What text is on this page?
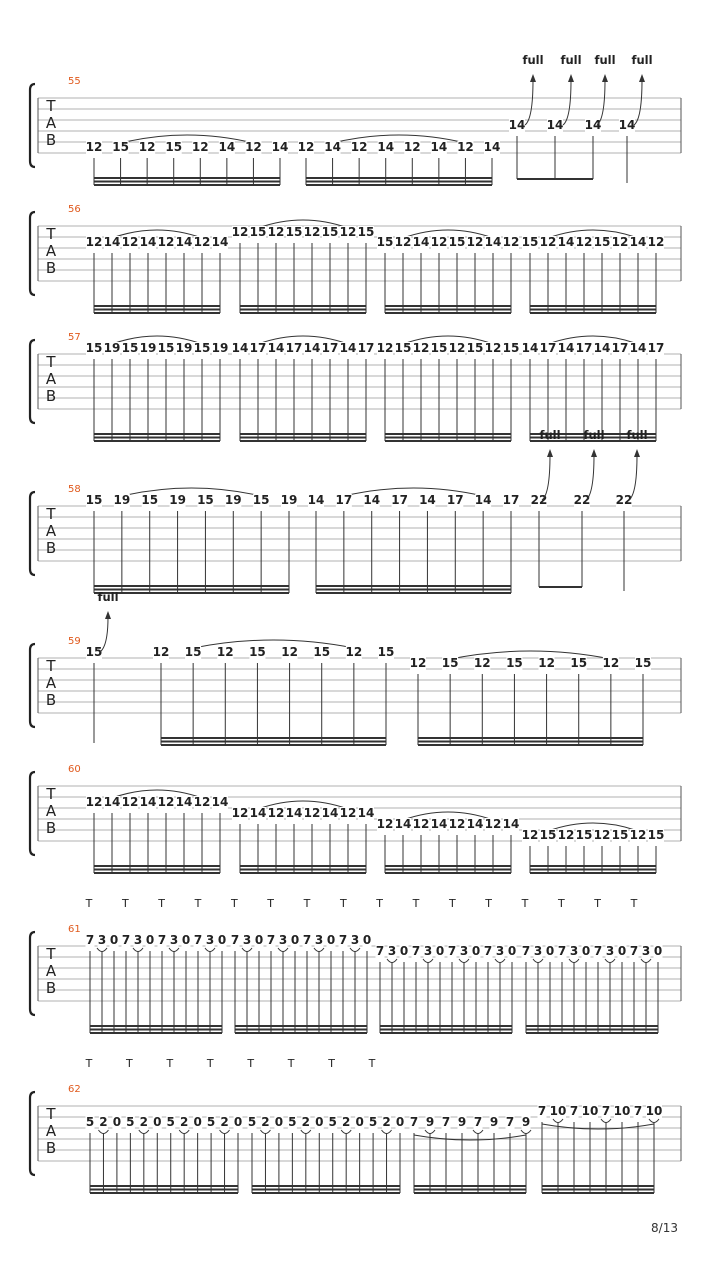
T
A
B
55
12 15 12 15 12 14 12 14 12 14 12 14 12 14 12 14
14 14 14 14
full full full full
T
A
B
56
12 14 12 14 12 14 12 14
12 15 12 15 12 15 12 15
15 12 14 12 15 12 14 12 15 12 14 12 15 12 14 12
T
A
B
57
15 19 15 19 15 19 15 19 14 17 14 17 14 17 14 17 12 15 12 15 12 15 12 15 14 17 14 17 14 17 14 17
T
A
B
58
15 19 15 19 15 19 15 19 14 17 14 17 14 17 14 17 22 22 22
full full full
T
A
B
59
15	12 15 12 15 12 15 12 15
12 15 12 15 12 15 12 15
full
T
A
B
60
12 14 12 14 12 14 12 14
12 14 12 14 12 14 12 14
12 14 12 14 12 14 12 14
12 15 12 15 12 15 12 15
T
A
B
61
T	T	T	T	T	T	T	T	T	T	T	T	T	T	T	T
7 3 0 7 3 0 7 3 0 7 3 0 7 3 0 7 3 0 7 3 0 7 3 0
7 3 0 7 3 0 7 3 0 7 3 0 7 3 0 7 3 0 7 3 0 7 3 0
T
A
B
62
T	T	T	T	T	T	T	T
5 2 0 5 2 0 5 2 0 5 2 0 5 2 0 5 2 0 5 2 0 5 2 0 7 9 7 9 7 9 7 9
7 10 7 10 7 10 7 10
8/13
